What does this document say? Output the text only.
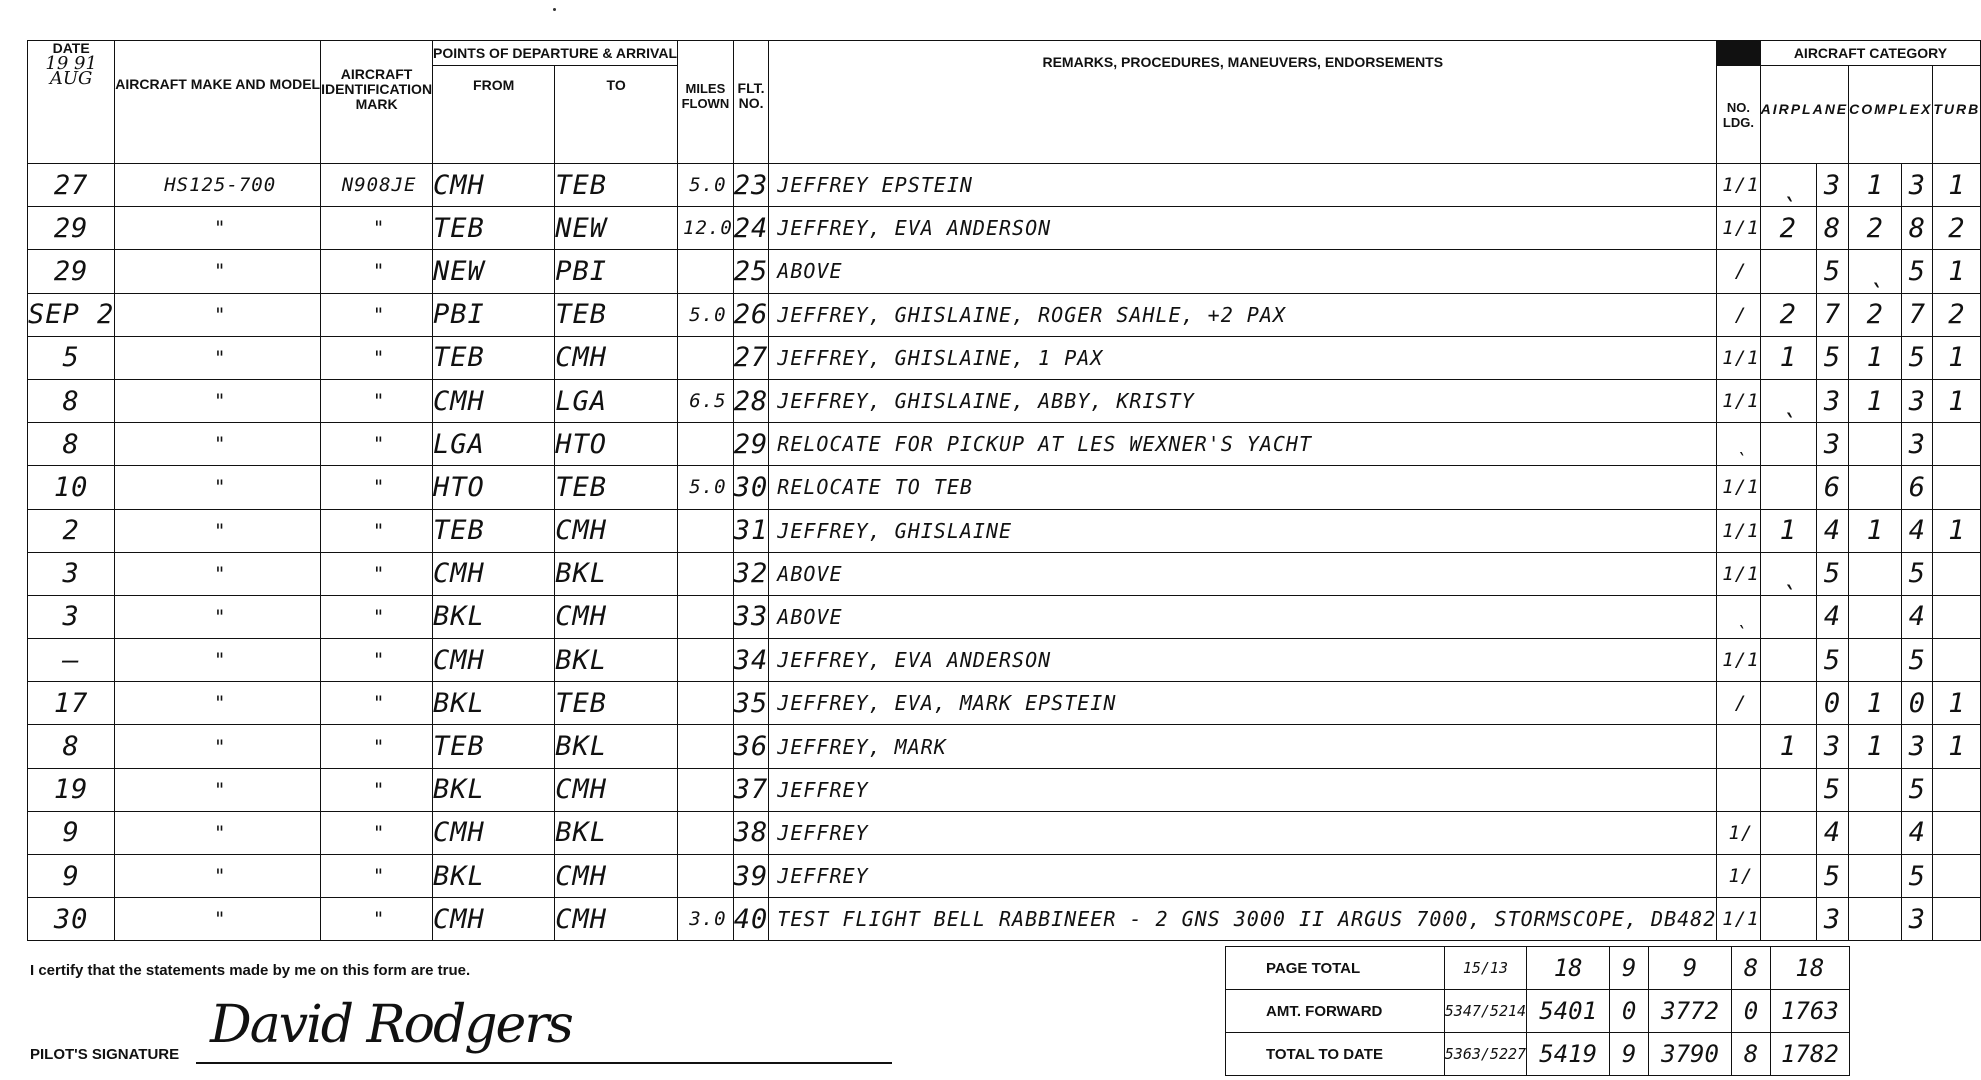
DATE
19 91
AUG	AIRCRAFT MAKE AND MODEL	AIRCRAFT IDENTIFICATION MARK	POINTS OF DEPARTURE & ARRIVAL		MILES FLOWN	FLT. NO.	REMARKS, PROCEDURES, MANEUVERS, ENDORSEMENTS		AIRCRAFT CATEGORY				
			FROM	TO				NO. LDG.	AIRPLANE		COMPLEX		TURB
27	HS125-700	N908JE	CMH	TEB	5.0	23	JEFFREY EPSTEIN	1/1	ˎ	3	1	3	1
29	"	"	TEB	NEW	12.0	24	JEFFREY, EVA ANDERSON	1/1	2	8	2	8	2
29	"	"	NEW	PBI		25	ABOVE	/		5	ˎ	5	1
SEP 2	"	"	PBI	TEB	5.0	26	JEFFREY, GHISLAINE, ROGER SAHLE, +2 PAX	/	2	7	2	7	2
5	"	"	TEB	CMH		27	JEFFREY, GHISLAINE, 1 PAX	1/1	1	5	1	5	1
8	"	"	CMH	LGA	6.5	28	JEFFREY, GHISLAINE, ABBY, KRISTY	1/1	ˎ	3	1	3	1
8	"	"	LGA	HTO		29	RELOCATE FOR PICKUP AT LES WEXNER'S YACHT	ˎ		3		3	
10	"	"	HTO	TEB	5.0	30	RELOCATE TO TEB	1/1		6		6	
2	"	"	TEB	CMH		31	JEFFREY, GHISLAINE	1/1	1	4	1	4	1
3	"	"	CMH	BKL		32	ABOVE	1/1	ˎ	5		5	
3	"	"	BKL	CMH		33	ABOVE	ˎ		4		4	
–	"	"	CMH	BKL		34	JEFFREY, EVA ANDERSON	1/1		5		5	
17	"	"	BKL	TEB		35	JEFFREY, EVA, MARK EPSTEIN	/		0	1	0	1
8	"	"	TEB	BKL		36	JEFFREY, MARK		1	3	1	3	1
19	"	"	BKL	CMH		37	JEFFREY			5		5	
9	"	"	CMH	BKL		38	JEFFREY	1/		4		4	
9	"	"	BKL	CMH		39	JEFFREY	1/		5		5	
30	"	"	CMH	CMH	3.0	40	TEST FLIGHT BELL RABBINEER - 2 GNS 3000 II ARGUS 7000, STORMSCOPE, DB482	1/1		3		3	
I certify that the statements made by me on this form are true.
PILOT'S SIGNATURE David Rodgers
PAGE TOTAL	15/13	18	9	9	8	18
AMT. FORWARD	5347/5214	5401	0	3772	0	1763
TOTAL TO DATE	5363/5227	5419	9	3790	8	1782
